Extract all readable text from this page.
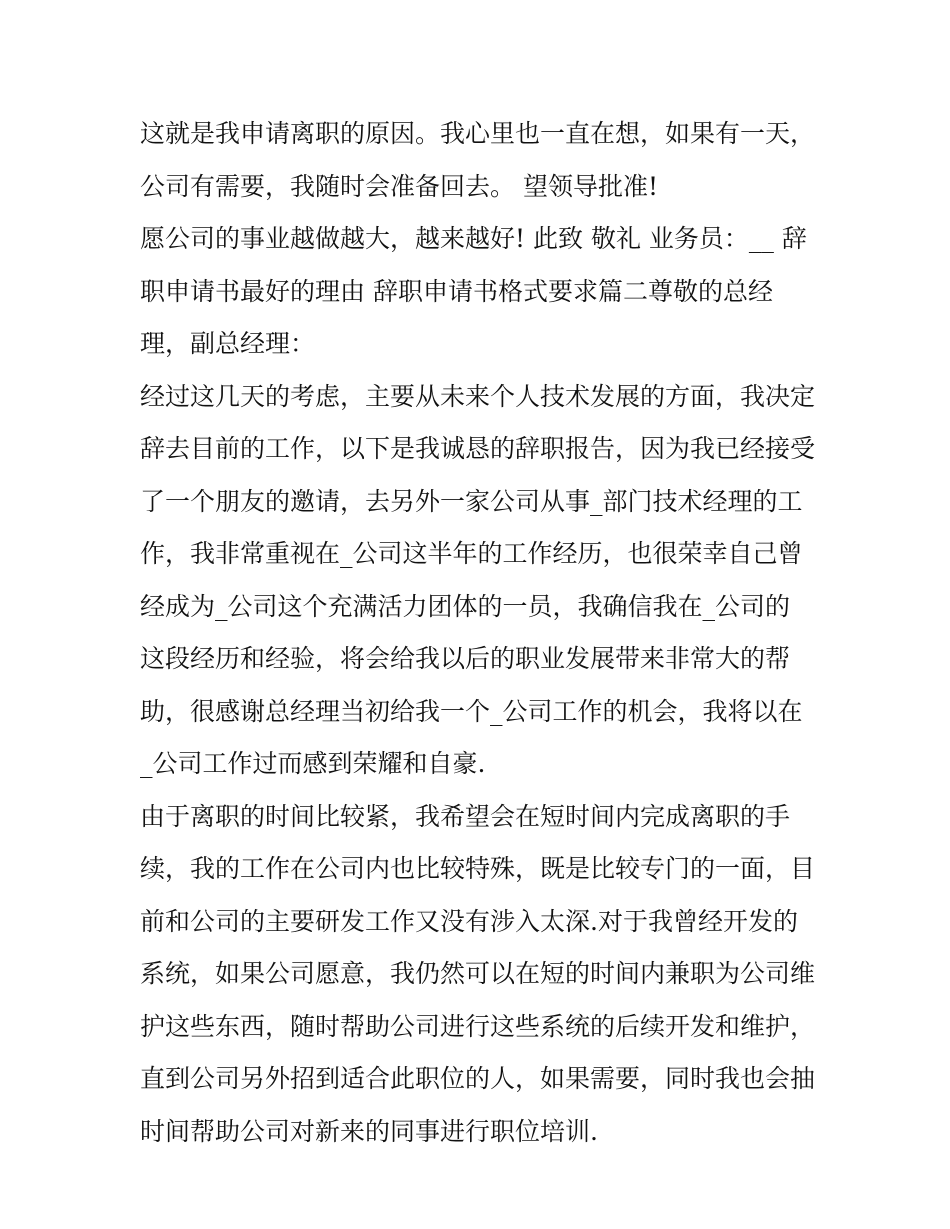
这就是我申请离职的原因。我心里也一直在想，如果有一天，
公司有需要，我随时会准备回去。 望领导批准!
愿公司的事业越做越大，越来越好! 此致 敬礼 业务员：__ 辞
职申请书最好的理由 辞职申请书格式要求篇二尊敬的总经
理，副总经理：
经过这几天的考虑，主要从未来个人技术发展的方面，我决定
辞去目前的工作，以下是我诚恳的辞职报告，因为我已经接受
了一个朋友的邀请，去另外一家公司从事_部门技术经理的工
作，我非常重视在_公司这半年的工作经历，也很荣幸自己曾
经成为_公司这个充满活力团体的一员，我确信我在_公司的
这段经历和经验，将会给我以后的职业发展带来非常大的帮
助，很感谢总经理当初给我一个_公司工作的机会，我将以在
_公司工作过而感到荣耀和自豪.
由于离职的时间比较紧，我希望会在短时间内完成离职的手
续，我的工作在公司内也比较特殊，既是比较专门的一面，目
前和公司的主要研发工作又没有涉入太深.对于我曾经开发的
系统，如果公司愿意，我仍然可以在短的时间内兼职为公司维
护这些东西，随时帮助公司进行这些系统的后续开发和维护，
直到公司另外招到适合此职位的人，如果需要，同时我也会抽
时间帮助公司对新来的同事进行职位培训.
